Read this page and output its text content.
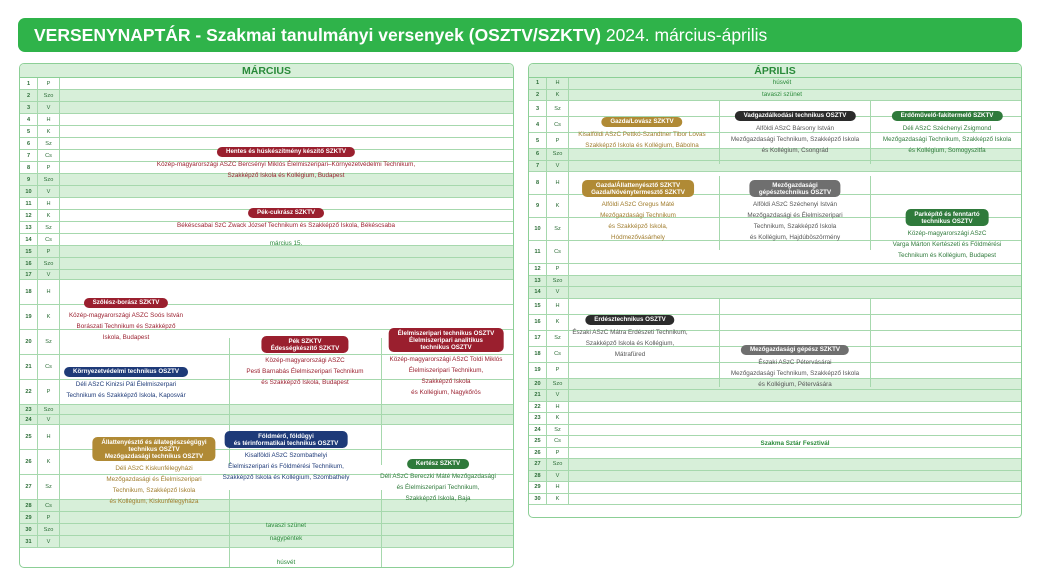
VERSENYNAPTÁR - Szakmai tanulmányi versenyek (OSZTV/SZKTV) 2024. március-április
MÁRCIUS
1	P
2	Szo
3	V
4	H
5	K
6	Sz
7	Cs
8	P
9	Szo
10	V
11	H
12	K
13	Sz
14	Cs
15	P
16	Szo
17	V
18	H
19	K
20	Sz
21	Cs
22	P
23	Szo
24	V
25	H
26	K
27	Sz
28	Cs
29	P
30	Szo
31	V
március 15.
tavaszi szünet
nagypéntek
húsvét
Hentes és húskészítmény készítő SZKTV
Közép-magyarországi ASZC Bercsényi Miklós Élelmiszeripari–Környezetvédelmi Technikum,
Szakképző Iskola és Kollégium, Budapest
Pék-cukrász SZKTV
Békéscsabai SzC Zwack József Technikum és Szakképző Iskola, Békéscsaba
Szőlész-borász SZKTV
Közép-magyarországi ASZC Soós István
Borászati Technikum és Szakképző
Iskola, Budapest
Környezetvédelmi technikus OSZTV
Déli ASzC Kinizsi Pál Élelmiszerpari
Technikum és Szakképző Iskola, Kaposvár
Pék SZKTV
Édességkészítő SZKTV
Közép-magyarországi ASZC
Pesti Barnabás Élelmiszeripari Technikum
és Szakképző Iskola, Budapest
Élelmiszeripari technikus OSZTV
Élelmiszeripari analitikus
technikus OSZTV
Közép-magyarországi ASzC Toldi Miklós
Élelmiszeripari Technikum,
Szakképző Iskola
és Kollégium, Nagykőrös
Állattenyésztő és állategészségügyi
technikus OSZTV
Mezőgazdasági technikus OSZTV
Déli ASzC Kiskunfélegyházi
Mezőgazdasági és Élelmiszeripari
Technikum, Szakképző Iskola
és Kollégium, Kiskunfélegyháza
Földmérő, földügyi
és térinformatikai technikus OSZTV
Kisalföldi ASzC Szombathelyi
Élelmiszeripari és Földmérési Technikum,
Szakképző Iskola és Kollégium, Szombathely
Kertész SZKTV
Déli ASzC Bereczki Máté Mezőgazdasági
és Élelmiszeripari Technikum,
Szakképző Iskola, Baja
ÁPRILIS
1	H
2	K
3	Sz
4	Cs
5	P
6	Szo
7	V
8	H
9	K
10	Sz
11	Cs
12	P
13	Szo
14	V
15	H
16	K
17	Sz
18	Cs
19	P
20	Szo
21	V
22	H
23	K
24	Sz
25	Cs
26	P
27	Szo
28	V
29	H
30	K
húsvét
tavaszi szünet
Szakma Sztár Fesztivál
Gazda/Lovász SZKTV
Kisalföldi ASzC Pettkó-Szandtner Tibor Lovas
Szakképző Iskola és Kollégium, Bábolna
Vadgazdálkodási technikus OSZTV
Alföldi ASzC Bársony István
Mezőgazdasági Technikum, Szakképző Iskola
és Kollégium, Csongrád
Erdőművelő-fakitermelő SZKTV
Déli ASzC Széchenyi Zsigmond
Mezőgazdasági Technikum, Szakképző Iskola
és Kollégium, Somogyszitfa
Gazda/Állattenyésztő SZKTV
Gazda/Növénytermesztő SZKTV
Alföldi ASzC Gregus Máté
Mezőgazdasági Technikum
és Szakképző Iskola,
Hódmezővásárhely
Mezőgazdasági
gépésztechnikus OSZTV
Alföldi ASzC Széchenyi István
Mezőgazdasági és Élelmiszeripari
Technikum, Szakképző Iskola
és Kollégium, Hajdúböszörmény
Parképítő és fenntartó
technikus OSZTV
Közép-magyarországi ASzC
Varga Márton Kertészeti és Földmérési
Technikum és Kollégium, Budapest
Erdésztechnikus OSZTV
Északi ASzC Mátra Erdészeti Technikum,
Szakképző Iskola és Kollégium,
Mátrafüred
Mezőgazdasági gépész SZKTV
Északi ASzC Pétervásárai
Mezőgazdasági Technikum, Szakképző Iskola
és Kollégium, Pétervására
